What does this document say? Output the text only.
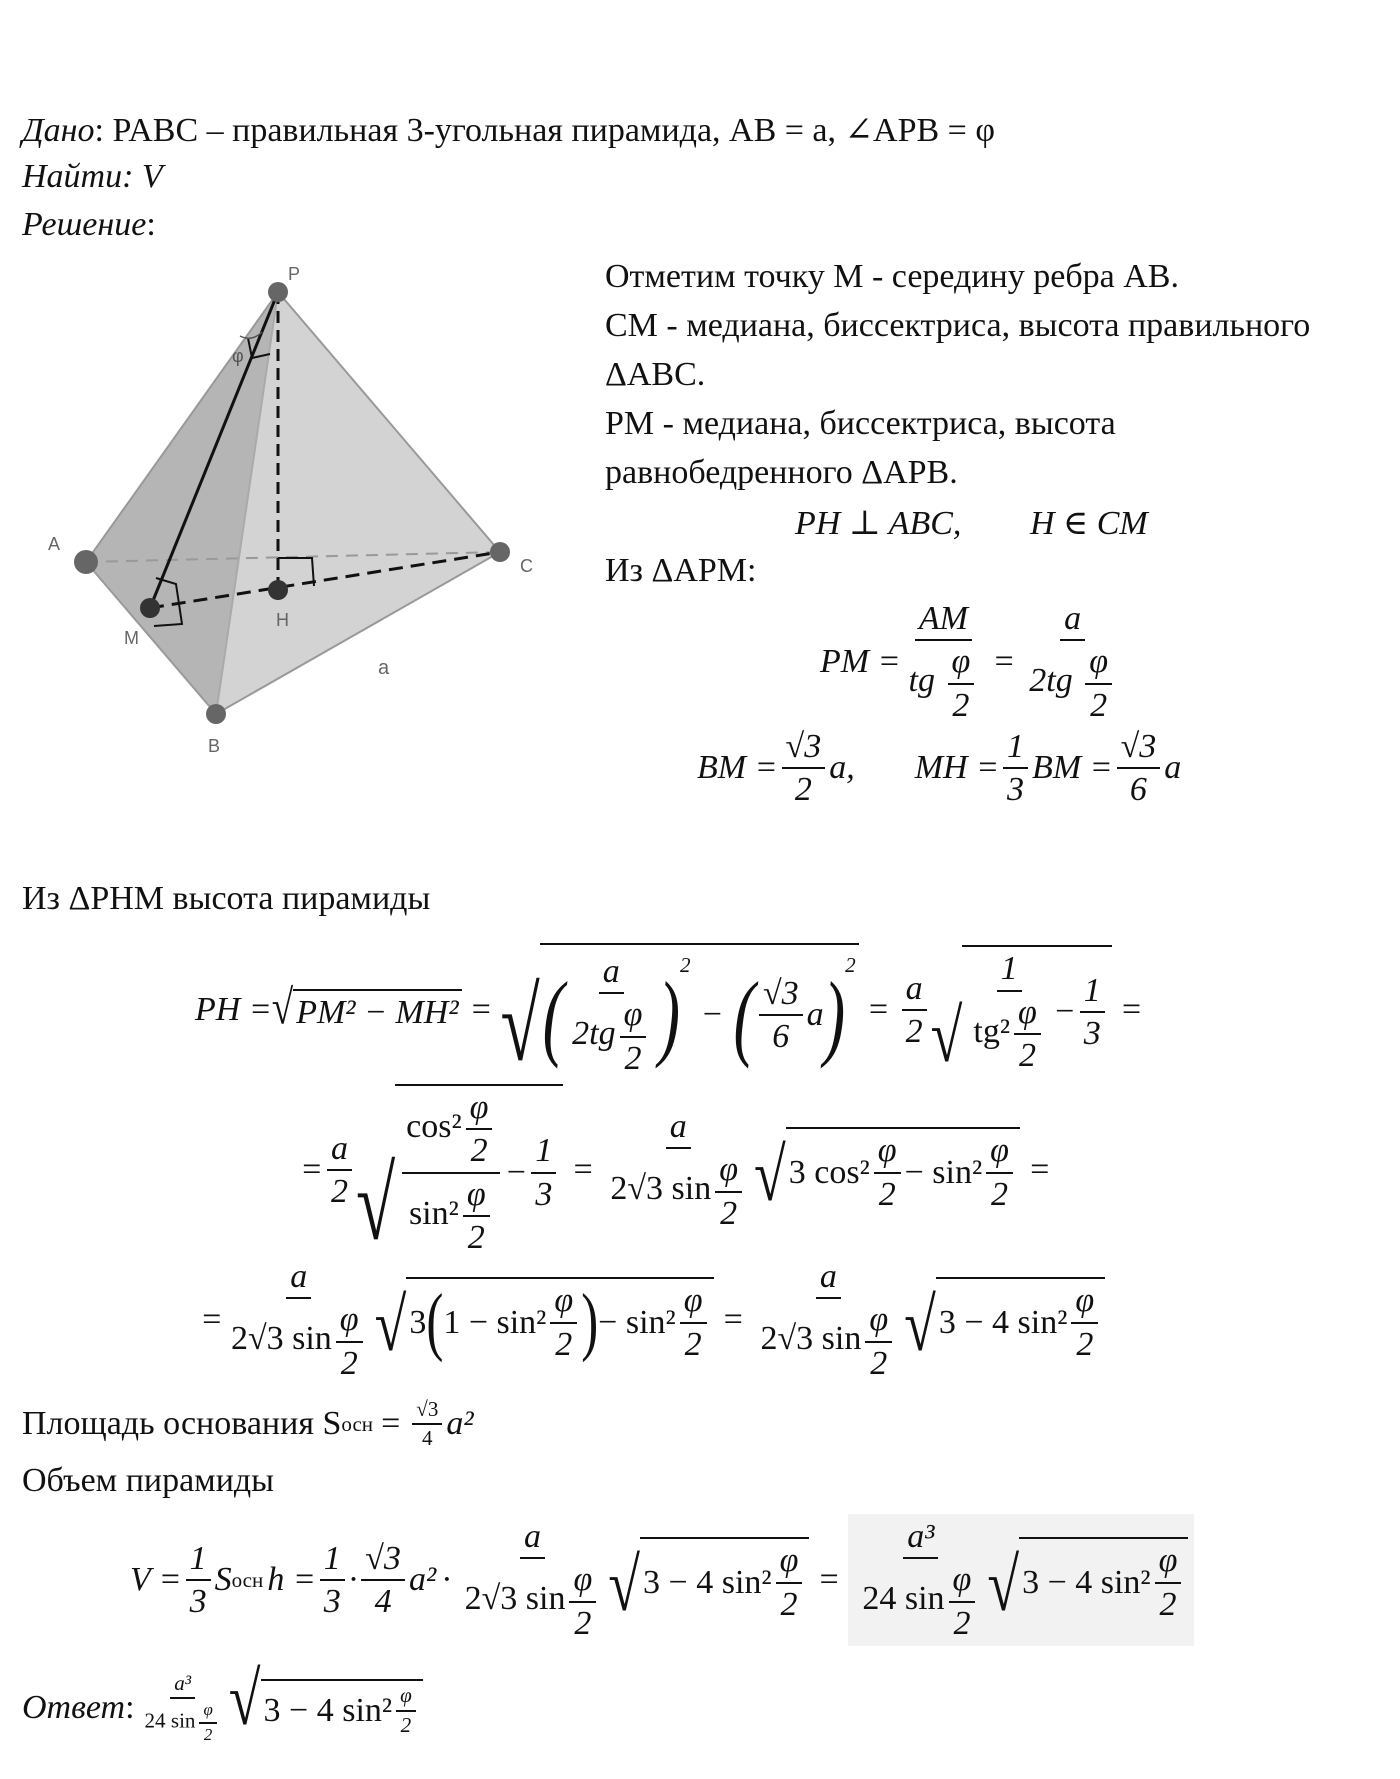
Дано: PABC – правильная 3-угольная пирамида, AB = a, ∠APB = φ
Найти: V
Решение:
P
A
C
B
M
H
a
φ
Отметим точку M - середину ребра AB.
CM - медиана, биссектриса, высота правильного
ΔABC.
PM - медиана, биссектриса, высота
равнобедренного ΔAPB.
PH ⊥ ABC, H ∈ CM
Из ΔAPM:
PM = $\frac{AM}{tg \frac{\varphi}{2}} = \frac{a}{2tg \frac{\varphi}{2}}$
BM = $\frac{√3}{2} a$, MH = $\frac{1}{3}$ BM = $\frac{√3}{6}$ a
Из ΔPHM высота пирамиды
PH = √ PM² − MH² = √ ( $\frac{a}{2tg \frac{\varphi}{2}}$ ) 2
− ( $\frac{√3}{6}$ a ) 2
= $\frac{a}{2}$ √ $\frac{1}{tg^2 \frac{\varphi}{2}} - \frac{1}{3}$ =
= $\frac{a}{2}$ √ $\frac{\cos^2 \frac{\varphi}{2}}{\sin^2 \frac{\varphi}{2}} - \frac{1}{3} = \frac{a}{2√3 \sin \frac{\varphi}{2}}$ √ 3 $\cos^2 \frac{\varphi}{2} - \sin^2 \frac{\varphi}{2}$ =
= $\frac{a}{2√3 \sin \frac{\varphi}{2}}$ √ 3 ( $1 - \sin^2 \frac{\varphi}{2}$ ) − $\sin^2 \frac{\varphi}{2} = \frac{a}{2√3 \sin \frac{\varphi}{2}}$ √ 3 − 4 $\sin^2 \frac{\varphi}{2}$
Площадь основания S осн = $\frac{√3}{4} a^2$
Объем пирамиды
$V = \frac{1}{3}$ S осн $h = \frac{1}{3} \cdot \frac{√3}{4} a^2 \cdot \frac{a}{2√3 \sin \frac{\varphi}{2}}$ √ 3 − 4 $\sin^2 \frac{\varphi}{2} = \frac{\text{a³}}{24 \sin \frac{\varphi}{2}}$ √ 3 − 4 $\sin^2 \frac{\varphi}{2}$
Ответ : $\frac{\text{a³}}{24 \sin \frac{\varphi}{2}}$ √ 3 − 4 $\sin^2 \frac{\varphi}{2}$
